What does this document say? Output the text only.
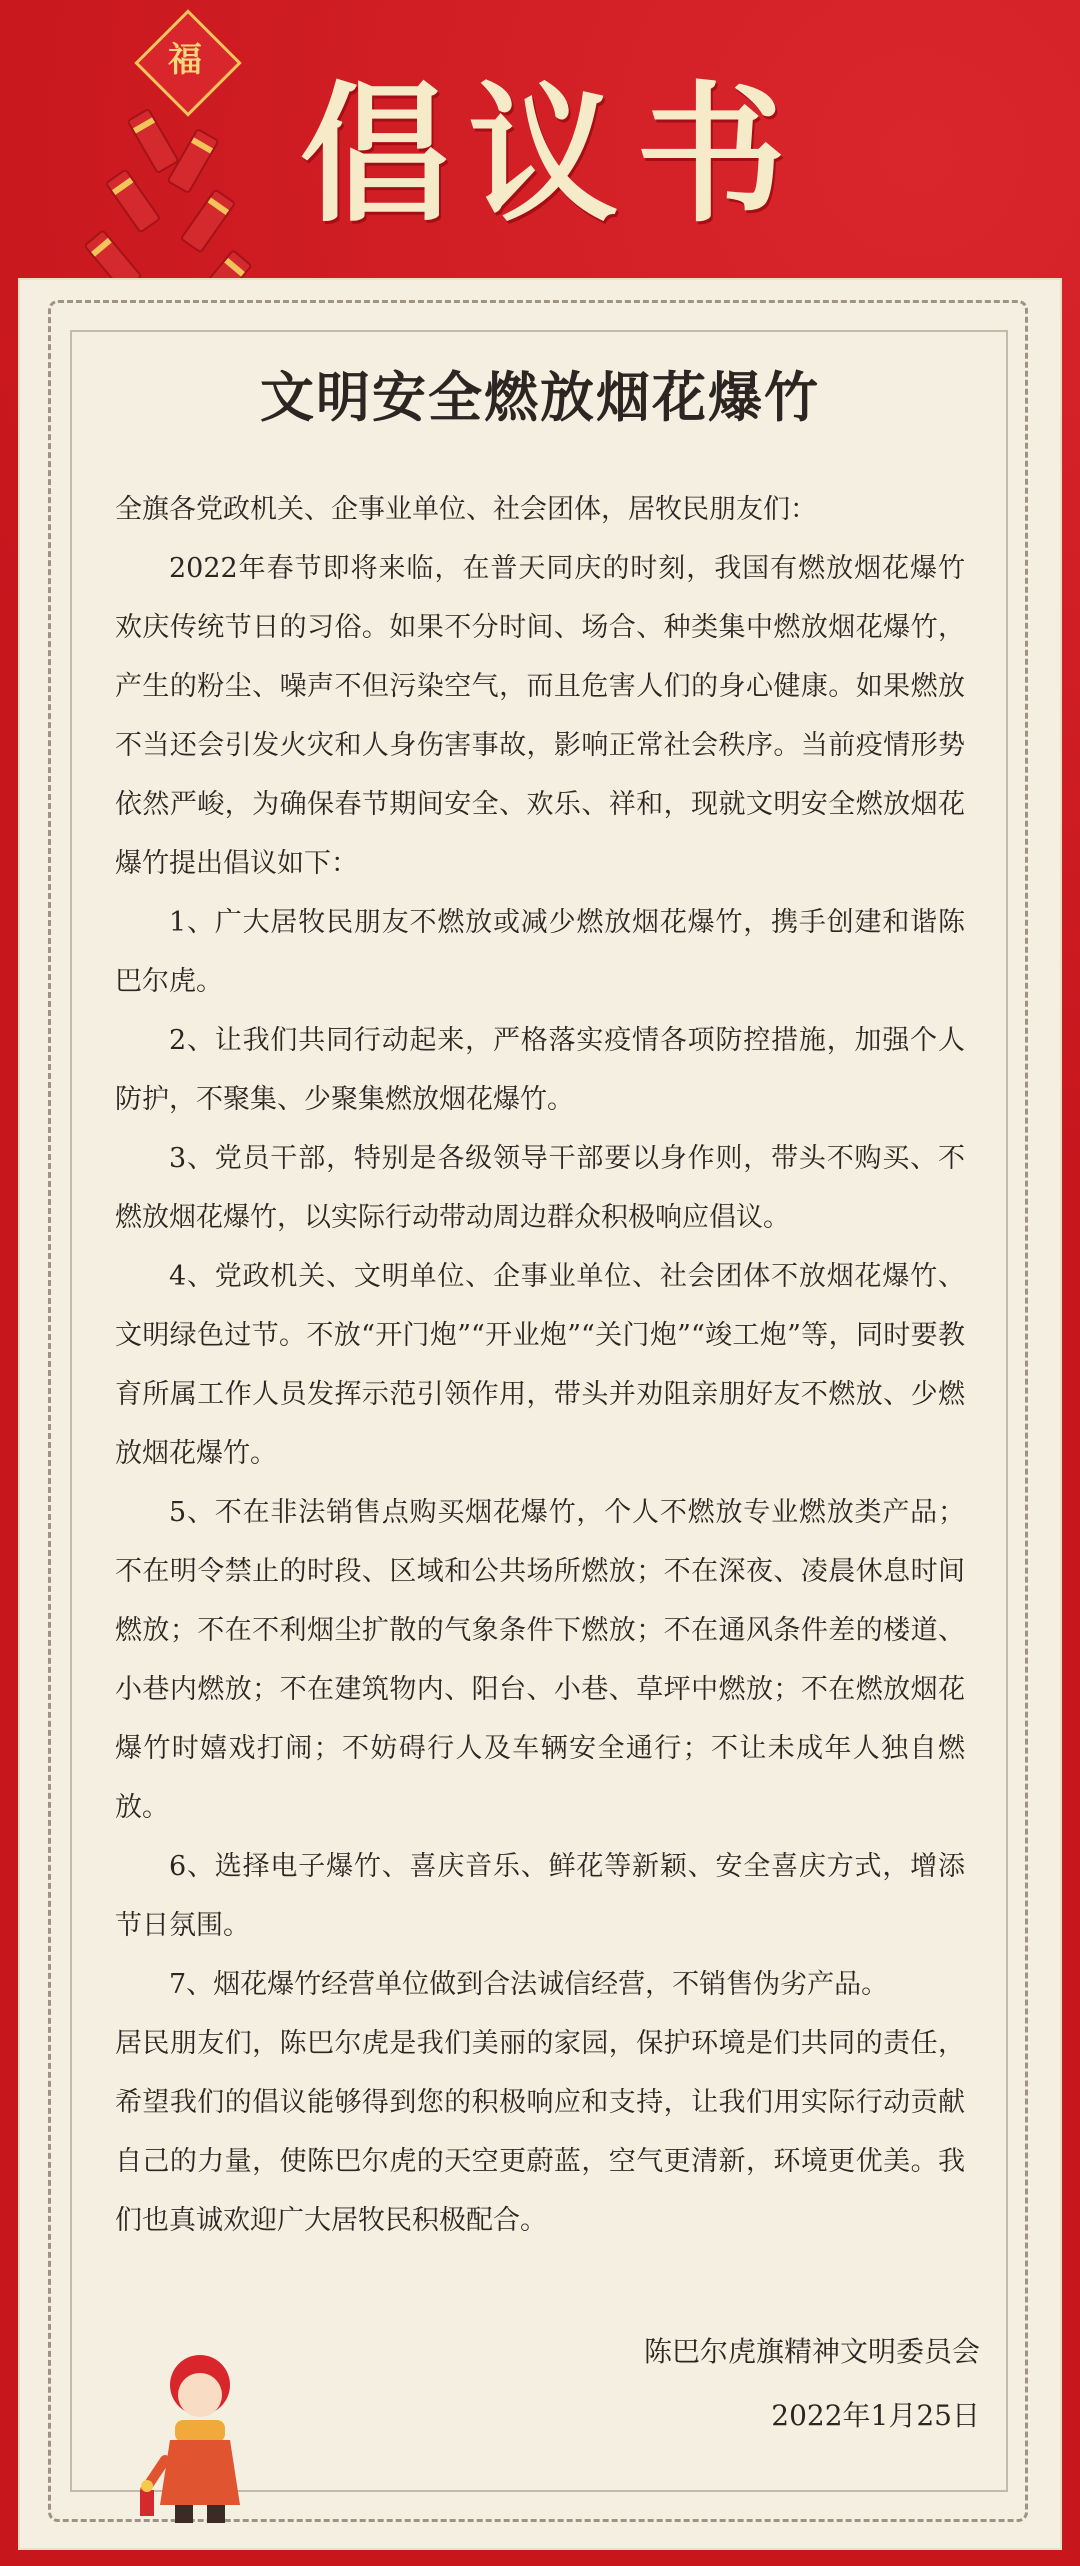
福
倡议书
文明安全燃放烟花爆竹

全旗各党政机关、企事业单位、社会团体，居牧民朋友们：

2022年春节即将来临，在普天同庆的时刻，我国有燃放烟花爆竹欢庆传统节日的习俗。如果不分时间、场合、种类集中燃放烟花爆竹，产生的粉尘、噪声不但污染空气，而且危害人们的身心健康。如果燃放不当还会引发火灾和人身伤害事故，影响正常社会秩序。当前疫情形势依然严峻，为确保春节期间安全、欢乐、祥和，现就文明安全燃放烟花爆竹提出倡议如下：

1、广大居牧民朋友不燃放或减少燃放烟花爆竹，携手创建和谐陈巴尔虎。

2、让我们共同行动起来，严格落实疫情各项防控措施，加强个人防护，不聚集、少聚集燃放烟花爆竹。

3、党员干部，特别是各级领导干部要以身作则，带头不购买、不燃放烟花爆竹，以实际行动带动周边群众积极响应倡议。

4、党政机关、文明单位、企事业单位、社会团体不放烟花爆竹、文明绿色过节。不放“开门炮”“开业炮”“关门炮”“竣工炮”等，同时要教育所属工作人员发挥示范引领作用，带头并劝阻亲朋好友不燃放、少燃放烟花爆竹。

5、不在非法销售点购买烟花爆竹，个人不燃放专业燃放类产品；不在明令禁止的时段、区域和公共场所燃放；不在深夜、凌晨休息时间燃放；不在不利烟尘扩散的气象条件下燃放；不在通风条件差的楼道、小巷内燃放；不在建筑物内、阳台、小巷、草坪中燃放；不在燃放烟花爆竹时嬉戏打闹；不妨碍行人及车辆安全通行；不让未成年人独自燃放。

6、选择电子爆竹、喜庆音乐、鲜花等新颖、安全喜庆方式，增添节日氛围。

7、烟花爆竹经营单位做到合法诚信经营，不销售伪劣产品。

居民朋友们，陈巴尔虎是我们美丽的家园，保护环境是们共同的责任，希望我们的倡议能够得到您的积极响应和支持，让我们用实际行动贡献自己的力量，使陈巴尔虎的天空更蔚蓝，空气更清新，环境更优美。我们也真诚欢迎广大居牧民积极配合。

陈巴尔虎旗精神文明委员会
2022年1月25日
